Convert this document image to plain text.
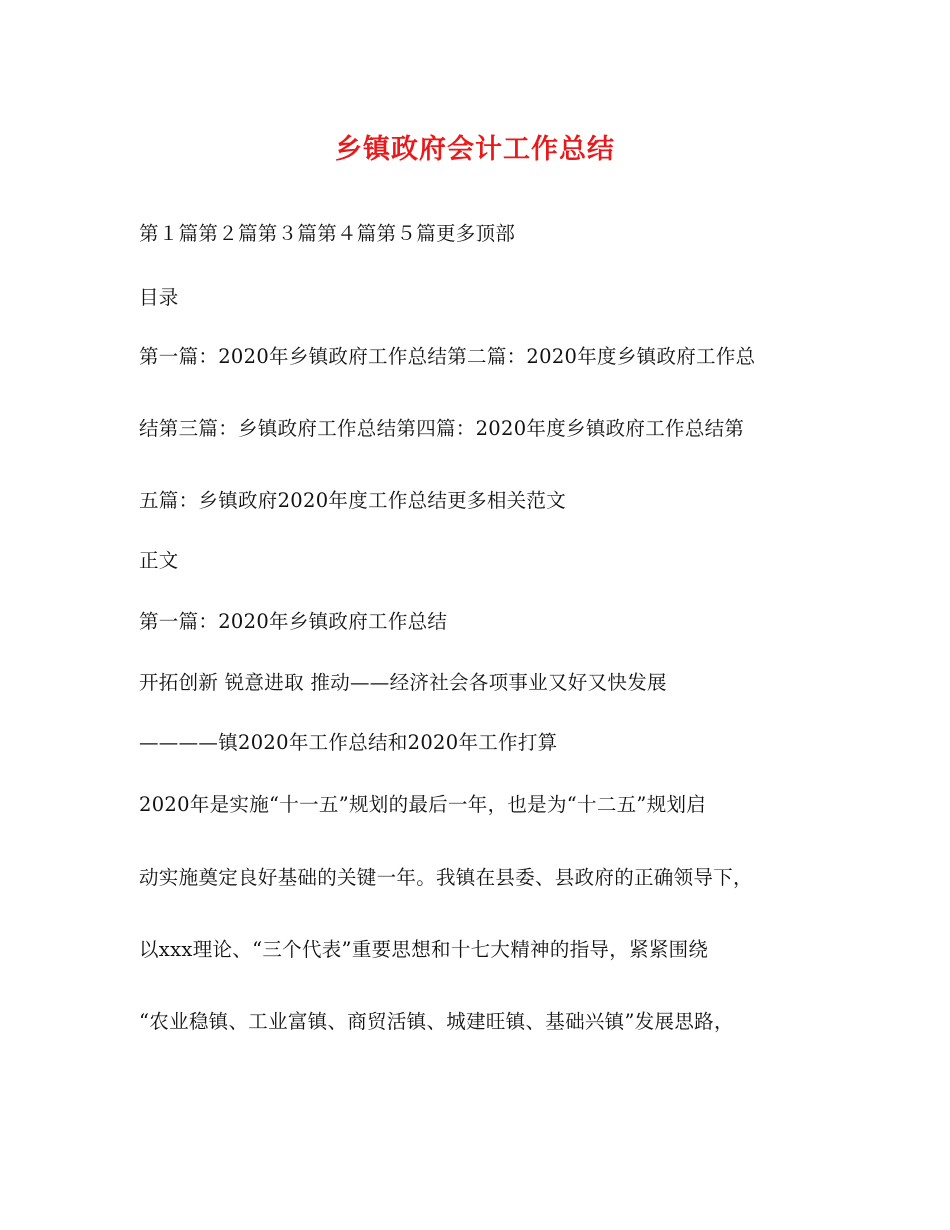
乡镇政府会计工作总结
第１篇第２篇第３篇第４篇第５篇更多顶部
目录
第一篇：2020年乡镇政府工作总结第二篇：2020年度乡镇政府工作总
结第三篇：乡镇政府工作总结第四篇：2020年度乡镇政府工作总结第
五篇：乡镇政府2020年度工作总结更多相关范文
正文
第一篇：2020年乡镇政府工作总结
开拓创新 锐意进取 推动——经济社会各项事业又好又快发展
————镇2020年工作总结和2020年工作打算
2020年是实施“十一五”规划的最后一年，也是为“十二五”规划启
动实施奠定良好基础的关键一年。我镇在县委、县政府的正确领导下，
以xxx理论、“三个代表”重要思想和十七大精神的指导，紧紧围绕
“农业稳镇、工业富镇、商贸活镇、城建旺镇、基础兴镇”发展思路，
